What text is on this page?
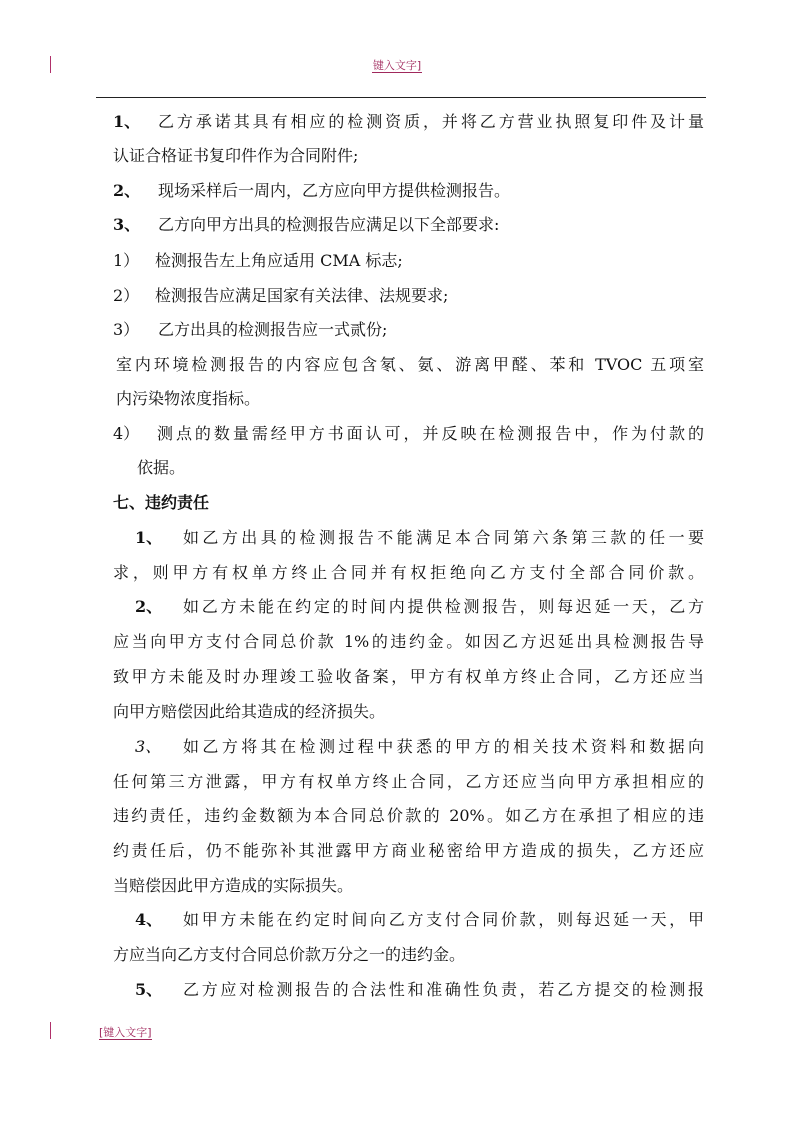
键入文字]
1、 乙方承诺其具有相应的检测资质，并将乙方营业执照复印件及计量
认证合格证书复印件作为合同附件;
2、 现场采样后一周内，乙方应向甲方提供检测报告。
3、 乙方向甲方出具的检测报告应满足以下全部要求:
1） 检测报告左上角应适用 CMA 标志;
2） 检测报告应满足国家有关法律、法规要求;
3） 乙方出具的检测报告应一式贰份;
室内环境检测报告的内容应包含氡、氨、游离甲醛、苯和 TVOC 五项室
内污染物浓度指标。
4） 测点的数量需经甲方书面认可，并反映在检测报告中，作为付款的
依据。
七、违约责任
1、 如乙方出具的检测报告不能满足本合同第六条第三款的任一要
求，则甲方有权单方终止合同并有权拒绝向乙方支付全部合同价款。
2、 如乙方未能在约定的时间内提供检测报告，则每迟延一天，乙方
应当向甲方支付合同总价款 1%的违约金。如因乙方迟延出具检测报告导
致甲方未能及时办理竣工验收备案，甲方有权单方终止合同，乙方还应当
向甲方赔偿因此给其造成的经济损失。
3、 如乙方将其在检测过程中获悉的甲方的相关技术资料和数据向
任何第三方泄露，甲方有权单方终止合同，乙方还应当向甲方承担相应的
违约责任，违约金数额为本合同总价款的 20%。如乙方在承担了相应的违
约责任后，仍不能弥补其泄露甲方商业秘密给甲方造成的损失，乙方还应
当赔偿因此甲方造成的实际损失。
4、 如甲方未能在约定时间向乙方支付合同价款，则每迟延一天，甲
方应当向乙方支付合同总价款万分之一的违约金。
5、 乙方应对检测报告的合法性和准确性负责，若乙方提交的检测报
[键入文字]
